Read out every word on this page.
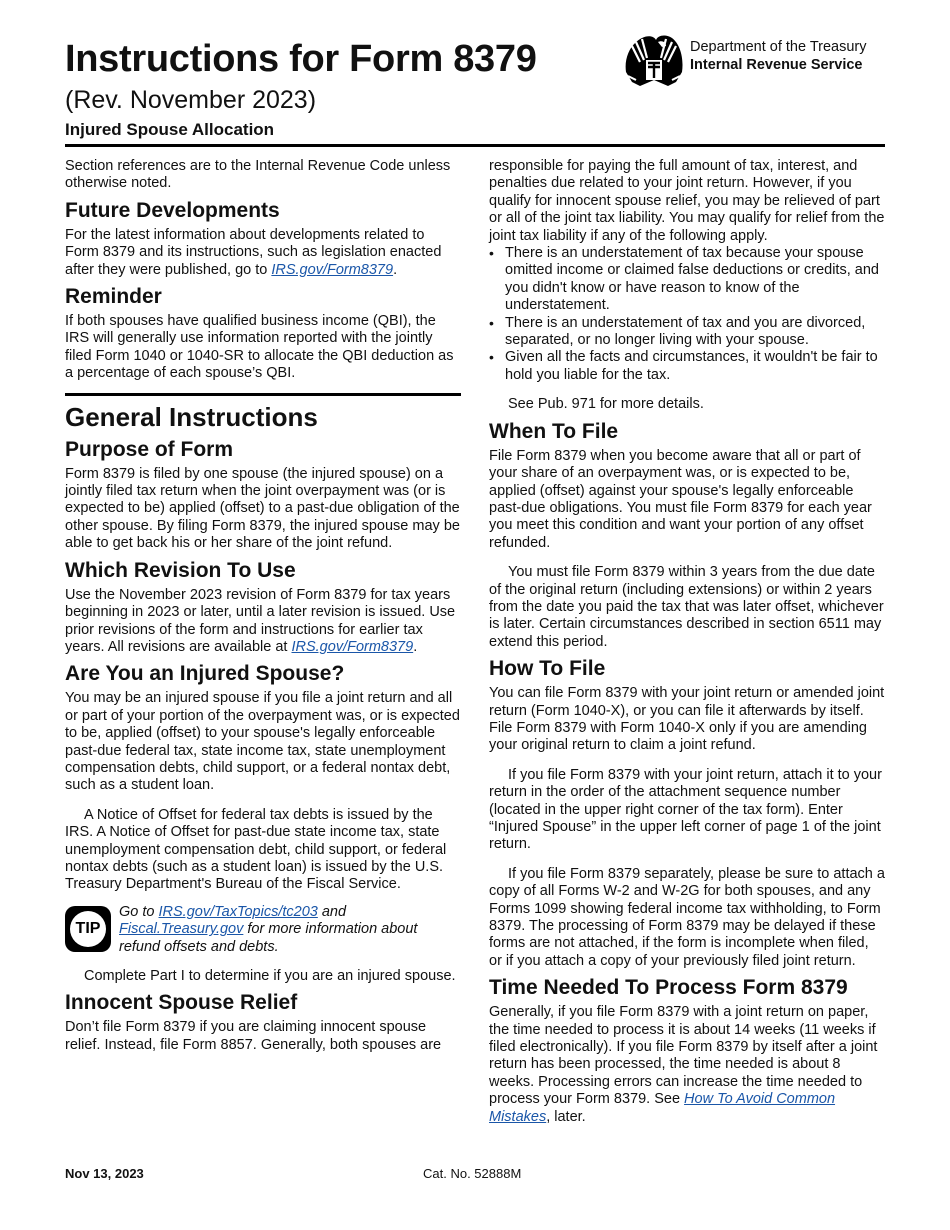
Instructions for Form 8379
(Rev. November 2023)
Injured Spouse Allocation
Department of the Treasury
Internal Revenue Service

Section references are to the Internal Revenue Code unless otherwise noted.

Future Developments

For the latest information about developments related to Form 8379 and its instructions, such as legislation enacted after they were published, go to IRS.gov/Form8379.

Reminder

If both spouses have qualified business income (QBI), the IRS will generally use information reported with the jointly filed Form 1040 or 1040-SR to allocate the QBI deduction as a percentage of each spouse’s QBI.

General Instructions
Purpose of Form

Form 8379 is filed by one spouse (the injured spouse) on a jointly filed tax return when the joint overpayment was (or is expected to be) applied (offset) to a past-due obligation of the other spouse. By filing Form 8379, the injured spouse may be able to get back his or her share of the joint refund.

Which Revision To Use

Use the November 2023 revision of Form 8379 for tax years beginning in 2023 or later, until a later revision is issued. Use prior revisions of the form and instructions for earlier tax years. All revisions are available at IRS.gov/Form8379.

Are You an Injured Spouse?

You may be an injured spouse if you file a joint return and all or part of your portion of the overpayment was, or is expected to be, applied (offset) to your spouse's legally enforceable past-due federal tax, state income tax, state unemployment compensation debts, child support, or a federal nontax debt, such as a student loan.

A Notice of Offset for federal tax debts is issued by the IRS. A Notice of Offset for past-due state income tax, state unemployment compensation debt, child support, or federal nontax debts (such as a student loan) is issued by the U.S. Treasury Department's Bureau of the Fiscal Service.

TIP
Go to IRS.gov/TaxTopics/tc203 and
Fiscal.Treasury.gov for more information about refund offsets and debts.

Complete Part I to determine if you are an injured spouse.

Innocent Spouse Relief

Don’t file Form 8379 if you are claiming innocent spouse relief. Instead, file Form 8857. Generally, both spouses are

responsible for paying the full amount of tax, interest, and penalties due related to your joint return. However, if you qualify for innocent spouse relief, you may be relieved of part or all of the joint tax liability. You may qualify for relief from the joint tax liability if any of the following apply.

• There is an understatement of tax because your spouse omitted income or claimed false deductions or credits, and you didn't know or have reason to know of the understatement.
• There is an understatement of tax and you are divorced, separated, or no longer living with your spouse.
• Given all the facts and circumstances, it wouldn't be fair to hold you liable for the tax.

See Pub. 971 for more details.

When To File

File Form 8379 when you become aware that all or part of your share of an overpayment was, or is expected to be, applied (offset) against your spouse's legally enforceable past-due obligations. You must file Form 8379 for each year you meet this condition and want your portion of any offset refunded.

You must file Form 8379 within 3 years from the due date of the original return (including extensions) or within 2 years from the date you paid the tax that was later offset, whichever is later. Certain circumstances described in section 6511 may extend this period.

How To File

You can file Form 8379 with your joint return or amended joint return (Form 1040-X), or you can file it afterwards by itself. File Form 8379 with Form 1040-X only if you are amending your original return to claim a joint refund.

If you file Form 8379 with your joint return, attach it to your return in the order of the attachment sequence number (located in the upper right corner of the tax form). Enter “Injured Spouse” in the upper left corner of page 1 of the joint return.

If you file Form 8379 separately, please be sure to attach a copy of all Forms W-2 and W-2G for both spouses, and any Forms 1099 showing federal income tax withholding, to Form 8379. The processing of Form 8379 may be delayed if these forms are not attached, if the form is incomplete when filed, or if you attach a copy of your previously filed joint return.

Time Needed To Process Form 8379

Generally, if you file Form 8379 with a joint return on paper, the time needed to process it is about 14 weeks (11 weeks if filed electronically). If you file Form 8379 by itself after a joint return has been processed, the time needed is about 8 weeks. Processing errors can increase the time needed to process your Form 8379. See How To Avoid Common Mistakes, later.

Nov 13, 2023	Cat. No. 52888M
